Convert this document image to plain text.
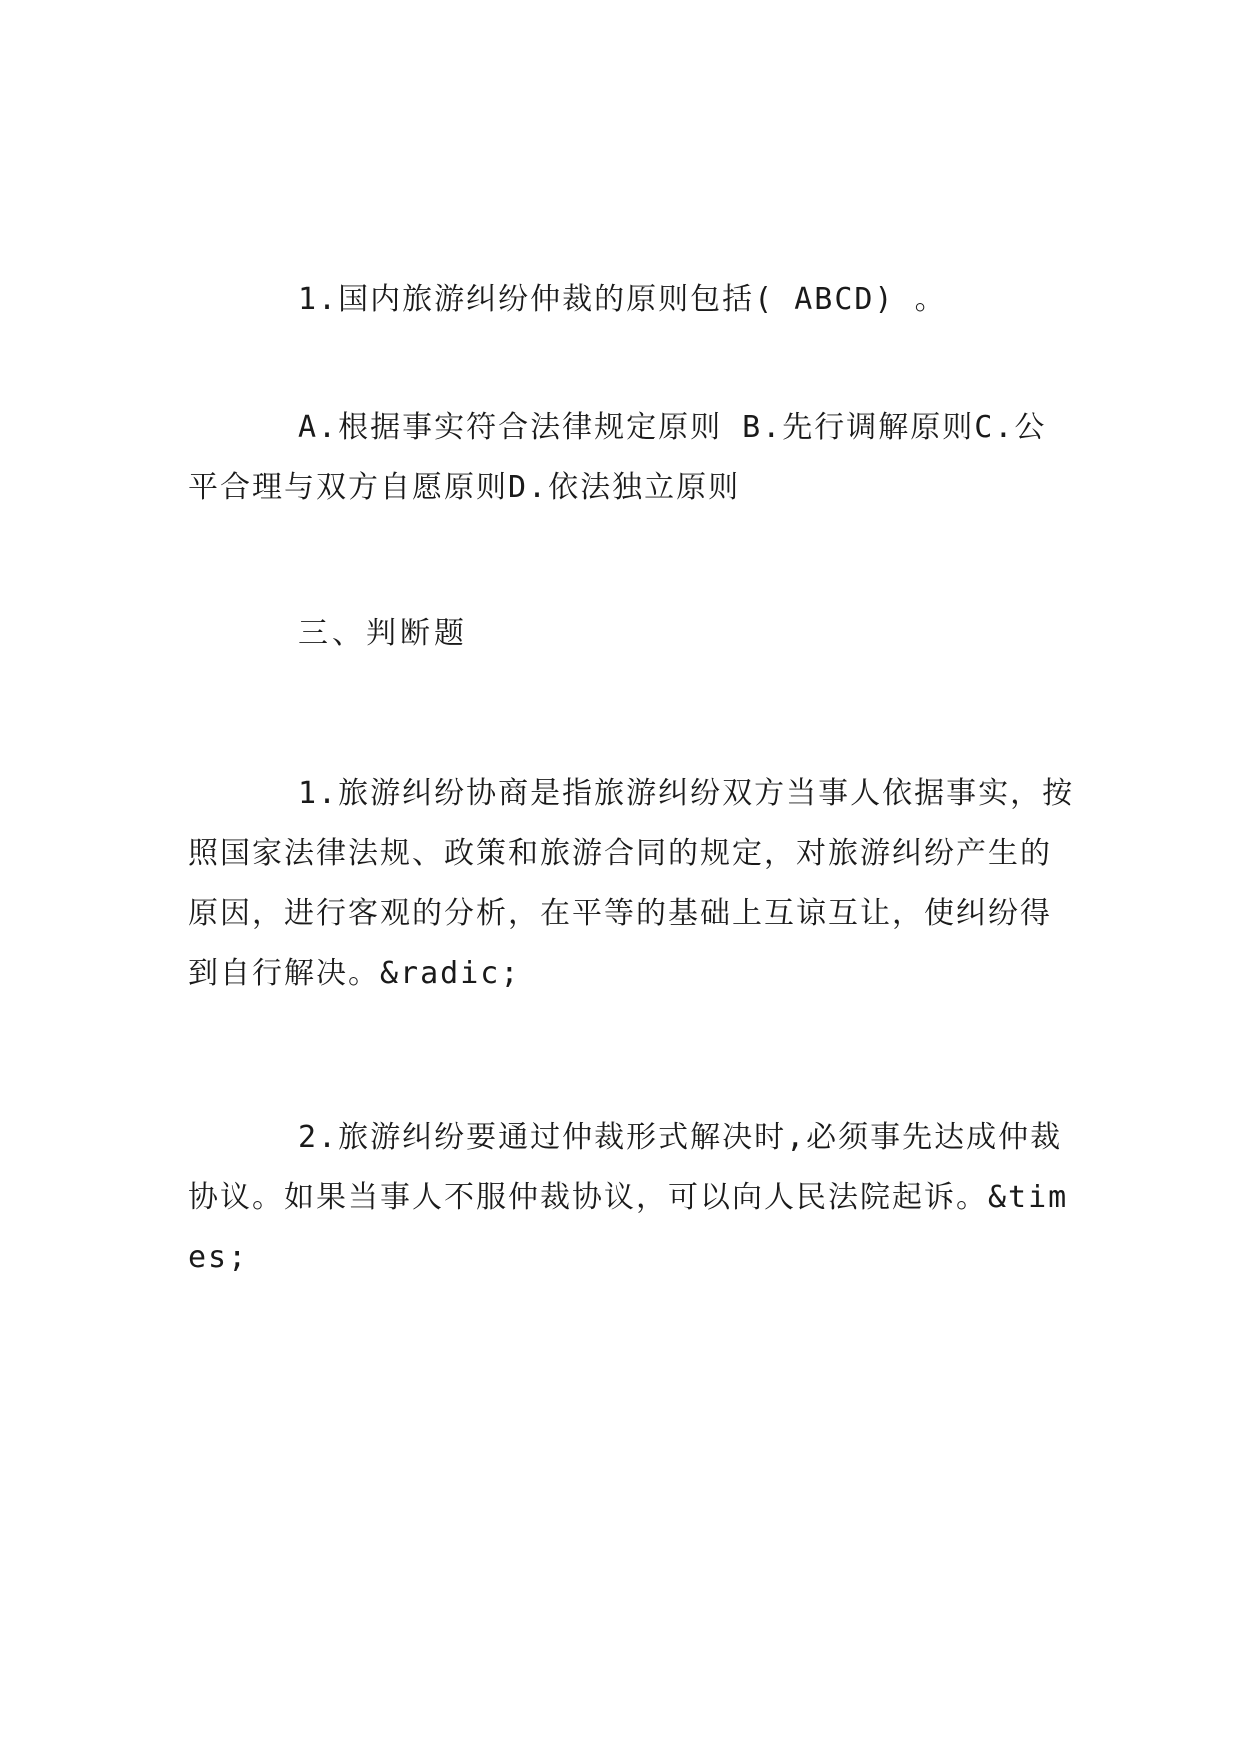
1.国内旅游纠纷仲裁的原则包括( ABCD) 。

A.根据事实符合法律规定原则 B.先行调解原则C.公平合理与双方自愿原则D.依法独立原则

三、判断题

1.旅游纠纷协商是指旅游纠纷双方当事人依据事实，按照国家法律法规、政策和旅游合同的规定，对旅游纠纷产生的原因，进行客观的分析，在平等的基础上互谅互让，使纠纷得到自行解决。&radic;

2.旅游纠纷要通过仲裁形式解决时,必须事先达成仲裁协议。如果当事人不服仲裁协议，可以向人民法院起诉。&times;
